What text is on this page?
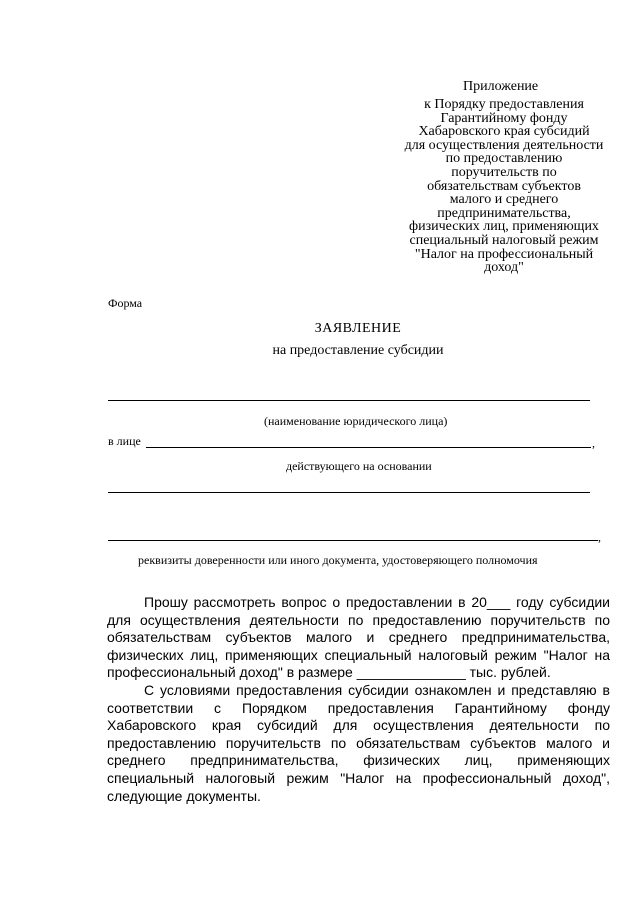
Приложение
к Порядку предоставления
Гарантийному фонду
Хабаровского края субсидий
для осуществления деятельности
по предоставлению
поручительств по
обязательствам субъектов
малого и среднего
предпринимательства,
физических лиц, применяющих
специальный налоговый режим
"Налог на профессиональный
доход"
Форма
ЗАЯВЛЕНИЕ
на предоставление субсидии
(наименование юридического лица)
в лице	,
действующего на основании
,
реквизиты доверенности или иного документа, удостоверяющего полномочия

Прошу рассмотреть вопрос о предоставлении в 20___ году субсидии для осуществления деятельности по предоставлению поручительств по обязательствам субъектов малого и среднего предпринимательства, физических лиц, применяющих специальный налоговый режим "Налог на профессиональный доход" в размере ______________ тыс. рублей.

С условиями предоставления субсидии ознакомлен и представляю в соответствии с Порядком предоставления Гарантийному фонду Хабаровского края субсидий для осуществления деятельности по предоставлению поручительств по обязательствам субъектов малого и среднего предпринимательства, физических лиц, применяющих специальный налоговый режим "Налог на профессиональный доход", следующие документы.
